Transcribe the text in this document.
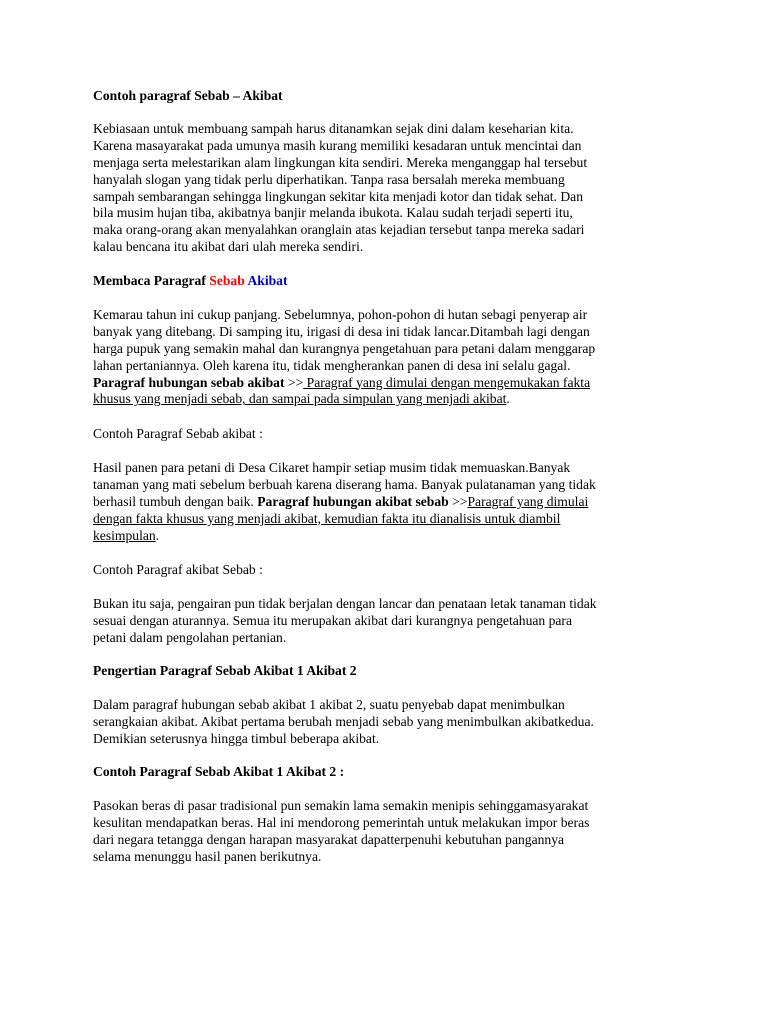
Contoh paragraf Sebab – Akibat
Kebiasaan untuk membuang sampah harus ditanamkan sejak dini dalam keseharian kita.
Karena masayarakat pada umunya masih kurang memiliki kesadaran untuk mencintai dan
menjaga serta melestarikan alam lingkungan kita sendiri. Mereka menganggap hal tersebut
hanyalah slogan yang tidak perlu diperhatikan. Tanpa rasa bersalah mereka membuang
sampah sembarangan sehingga lingkungan sekitar kita menjadi kotor dan tidak sehat. Dan
bila musim hujan tiba, akibatnya banjir melanda ibukota. Kalau sudah terjadi seperti itu,
maka orang-orang akan menyalahkan oranglain atas kejadian tersebut tanpa mereka sadari
kalau bencana itu akibat dari ulah mereka sendiri.
Membaca Paragraf Sebab Akibat
Kemarau tahun ini cukup panjang. Sebelumnya, pohon-pohon di hutan sebagi penyerap air
banyak yang ditebang. Di samping itu, irigasi di desa ini tidak lancar.Ditambah lagi dengan
harga pupuk yang semakin mahal dan kurangnya pengetahuan para petani dalam menggarap
lahan pertaniannya. Oleh karena itu, tidak mengherankan panen di desa ini selalu gagal.
Paragraf hubungan sebab akibat >> Paragraf yang dimulai dengan mengemukakan fakta
khusus yang menjadi sebab, dan sampai pada simpulan yang menjadi akibat.
Contoh Paragraf Sebab akibat :
Hasil panen para petani di Desa Cikaret hampir setiap musim tidak memuaskan.Banyak
tanaman yang mati sebelum berbuah karena diserang hama. Banyak pulatanaman yang tidak
berhasil tumbuh dengan baik. Paragraf hubungan akibat sebab >>Paragraf yang dimulai
dengan fakta khusus yang menjadi akibat, kemudian fakta itu dianalisis untuk diambil
kesimpulan.
Contoh Paragraf akibat Sebab :
Bukan itu saja, pengairan pun tidak berjalan dengan lancar dan penataan letak tanaman tidak
sesuai dengan aturannya. Semua itu merupakan akibat dari kurangnya pengetahuan para
petani dalam pengolahan pertanian.
Pengertian Paragraf Sebab Akibat 1 Akibat 2
Dalam paragraf hubungan sebab akibat 1 akibat 2, suatu penyebab dapat menimbulkan
serangkaian akibat. Akibat pertama berubah menjadi sebab yang menimbulkan akibatkedua.
Demikian seterusnya hingga timbul beberapa akibat.
Contoh Paragraf Sebab Akibat 1 Akibat 2 :
Pasokan beras di pasar tradisional pun semakin lama semakin menipis sehinggamasyarakat
kesulitan mendapatkan beras. Hal ini mendorong pemerintah untuk melakukan impor beras
dari negara tetangga dengan harapan masyarakat dapatterpenuhi kebutuhan pangannya
selama menunggu hasil panen berikutnya.
